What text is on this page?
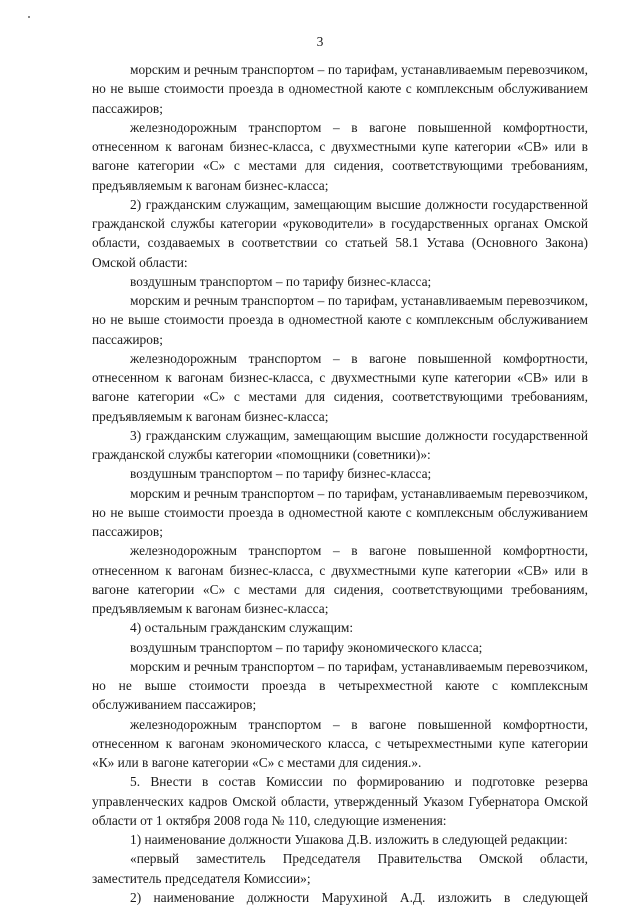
3

морским и речным транспортом – по тарифам, устанавливаемым перевозчиком, но не выше стоимости проезда в одноместной каюте с комплексным обслуживанием пассажиров;

железнодорожным транспортом – в вагоне повышенной комфортности, отнесенном к вагонам бизнес-класса, с двухместными купе категории «СВ» или в вагоне категории «С» с местами для сидения, соответствующими требованиям, предъявляемым к вагонам бизнес-класса;

2) гражданским служащим, замещающим высшие должности государственной гражданской службы категории «руководители» в государственных органах Омской области, создаваемых в соответствии со статьей 58.1 Устава (Основного Закона) Омской области:

воздушным транспортом – по тарифу бизнес-класса;

морским и речным транспортом – по тарифам, устанавливаемым перевозчиком, но не выше стоимости проезда в одноместной каюте с комплексным обслуживанием пассажиров;

железнодорожным транспортом – в вагоне повышенной комфортности, отнесенном к вагонам бизнес-класса, с двухместными купе категории «СВ» или в вагоне категории «С» с местами для сидения, соответствующими требованиям, предъявляемым к вагонам бизнес-класса;

3) гражданским служащим, замещающим высшие должности государственной гражданской службы категории «помощники (советники)»:

воздушным транспортом – по тарифу бизнес-класса;

морским и речным транспортом – по тарифам, устанавливаемым перевозчиком, но не выше стоимости проезда в одноместной каюте с комплексным обслуживанием пассажиров;

железнодорожным транспортом – в вагоне повышенной комфортности, отнесенном к вагонам бизнес-класса, с двухместными купе категории «СВ» или в вагоне категории «С» с местами для сидения, соответствующими требованиям, предъявляемым к вагонам бизнес-класса;

4) остальным гражданским служащим:

воздушным транспортом – по тарифу экономического класса;

морским и речным транспортом – по тарифам, устанавливаемым перевозчиком, но не выше стоимости проезда в четырехместной каюте с комплексным обслуживанием пассажиров;

железнодорожным транспортом – в вагоне повышенной комфортности, отнесенном к вагонам экономического класса, с четырехместными купе категории «К» или в вагоне категории «С» с местами для сидения.».

5. Внести в состав Комиссии по формированию и подготовке резерва управленческих кадров Омской области, утвержденный Указом Губернатора Омской области от 1 октября 2008 года № 110, следующие изменения:

1) наименование должности Ушакова Д.В. изложить в следующей редакции:

«первый заместитель Председателя Правительства Омской области, заместитель председателя Комиссии»;

2) наименование должности Марухиной А.Д. изложить в следующей
